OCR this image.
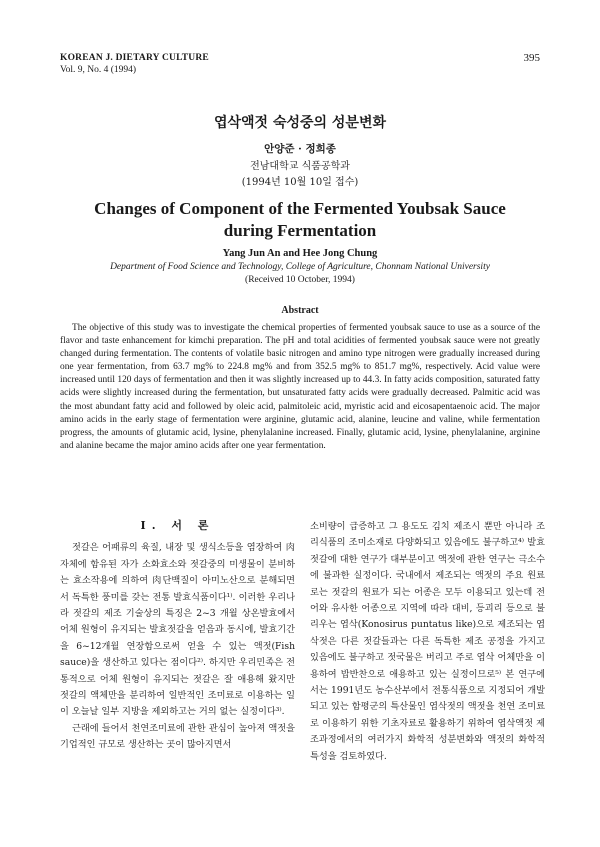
KOREAN J. DIETARY CULTURE
Vol. 9, No. 4 (1994)
395
엽삭액젓 숙성중의 성분변화
안양준 · 정희종
전남대학교 식품공학과
(1994년 10월 10일 접수)
Changes of Component of the Fermented Youbsak Sauce
during Fermentation
Yang Jun An and Hee Jong Chung
Department of Food Science and Technology, College of Agriculture, Chonnam National University
(Received 10 October, 1994)
Abstract
The objective of this study was to investigate the chemical properties of fermented youbsak sauce to use as a source of the flavor and taste enhancement for kimchi preparation. The pH and total acidities of fermented youbsak sauce were not greatly changed during fermentation. The contents of volatile basic nitrogen and amino type nitrogen were gradually increased during one year fermentation, from 63.7 mg% to 224.8 mg% and from 352.5 mg% to 851.7 mg%, respectively. Acid value were increased until 120 days of fermentation and then it was slightly increased up to 44.3. In fatty acids composition, saturated fatty acids were slightly increased during the fermentation, but unsaturated fatty acids were gradually decreased. Palmitic acid was the most abundant fatty acid and followed by oleic acid, palmitoleic acid, myristic acid and eicosapentaenoic acid. The major amino acids in the early stage of fermentation were arginine, glutamic acid, alanine, leucine and valine, while fermentation progress, the amounts of glutamic acid, lysine, phenylalanine increased. Finally, glutamic acid, lysine, phenylalanine, arginine and alanine became the major amino acids after one year fermentation.
I. 서 론

젓갈은 어패류의 육질, 내장 및 생식소등을 염장하여 肉자체에 함유된 자가 소화효소와 젓갈중의 미생물이 분비하는 효소작용에 의하여 肉단백질이 아미노산으로 분해되면서 독특한 풍미를 갖는 전통 발효식품이다¹⁾. 이러한 우리나라 젓갈의 제조 기술상의 특징은 2~3 개월 상온발효에서 어체 원형이 유지되는 발효젓갈을 얻음과 동시에, 발효기간을 6~12개월 연장함으로써 얻을 수 있는 액젓(Fish sauce)을 생산하고 있다는 점이다²⁾. 하지만 우리민족은 전통적으로 어체 원형이 유지되는 젓갈은 잘 애용해 왔지만 젓갈의 액체만을 분리하여 일반적인 조미료로 이용하는 일이 오늘날 일부 지방을 제외하고는 거의 없는 실정이다³⁾.

근래에 들어서 천연조미료에 관한 관심이 높아져 액젓을 기업적인 규모로 생산하는 곳이 많아지면서

소비량이 급증하고 그 용도도 김치 제조시 뿐만 아니라 조리식품의 조미소재로 다양화되고 있음에도 불구하고⁴⁾ 발효 젓갈에 대한 연구가 대부분이고 액젓에 관한 연구는 극소수에 불과한 실정이다. 국내에서 제조되는 액젓의 주요 원료로는 젓갈의 원료가 되는 어종은 모두 이용되고 있는데 전어와 유사한 어종으로 지역에 따라 대비, 등괴리 등으로 불리우는 엽삭(Konosirus puntatus like)으로 제조되는 엽삭젓은 다른 젓갈들과는 다른 독특한 제조 공정을 가지고 있음에도 불구하고 젓국물은 버리고 주로 엽삭 어체만을 이용하여 밥반찬으로 애용하고 있는 실정이므로⁵⁾ 본 연구에서는 1991년도 농수산부에서 전통식품으로 지정되어 개발되고 있는 함평군의 특산물인 엽삭젓의 액젓을 천연 조미료로 이용하기 위한 기초자료로 활용하기 위하여 엽삭액젓 제조과정에서의 여러가지 화학적 성분변화와 액젓의 화학적 특성을 검토하였다.
